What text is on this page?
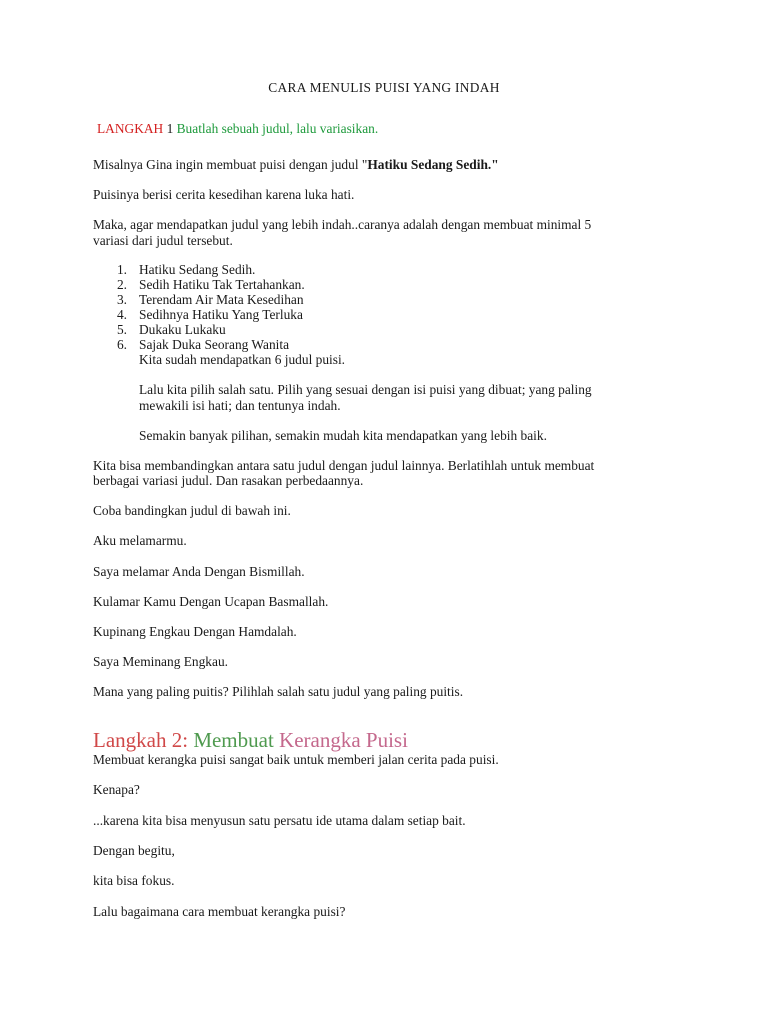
CARA MENULIS PUISI YANG INDAH

LANGKAH 1 Buatlah sebuah judul, lalu variasikan.

Misalnya Gina ingin membuat puisi dengan judul "Hatiku Sedang Sedih."

Puisinya berisi cerita kesedihan karena luka hati.

Maka, agar mendapatkan judul yang lebih indah..caranya adalah dengan membuat minimal 5

variasi dari judul tersebut.

1. Hatiku Sedang Sedih.
2. Sedih Hatiku Tak Tertahankan.
3. Terendam Air Mata Kesedihan
4. Sedihnya Hatiku Yang Terluka
5. Dukaku Lukaku
6. Sajak Duka Seorang Wanita

Kita sudah mendapatkan 6 judul puisi.

Lalu kita pilih salah satu. Pilih yang sesuai dengan isi puisi yang dibuat; yang paling

mewakili isi hati; dan tentunya indah.

Semakin banyak pilihan, semakin mudah kita mendapatkan yang lebih baik.

Kita bisa membandingkan antara satu judul dengan judul lainnya. Berlatihlah untuk membuat

berbagai variasi judul. Dan rasakan perbedaannya.

Coba bandingkan judul di bawah ini.

Aku melamarmu.

Saya melamar Anda Dengan Bismillah.

Kulamar Kamu Dengan Ucapan Basmallah.

Kupinang Engkau Dengan Hamdalah.

Saya Meminang Engkau.

Mana yang paling puitis? Pilihlah salah satu judul yang paling puitis.

Langkah 2: Membuat Kerangka Puisi

Membuat kerangka puisi sangat baik untuk memberi jalan cerita pada puisi.

Kenapa?

...karena kita bisa menyusun satu persatu ide utama dalam setiap bait.

Dengan begitu,

kita bisa fokus.

Lalu bagaimana cara membuat kerangka puisi?
